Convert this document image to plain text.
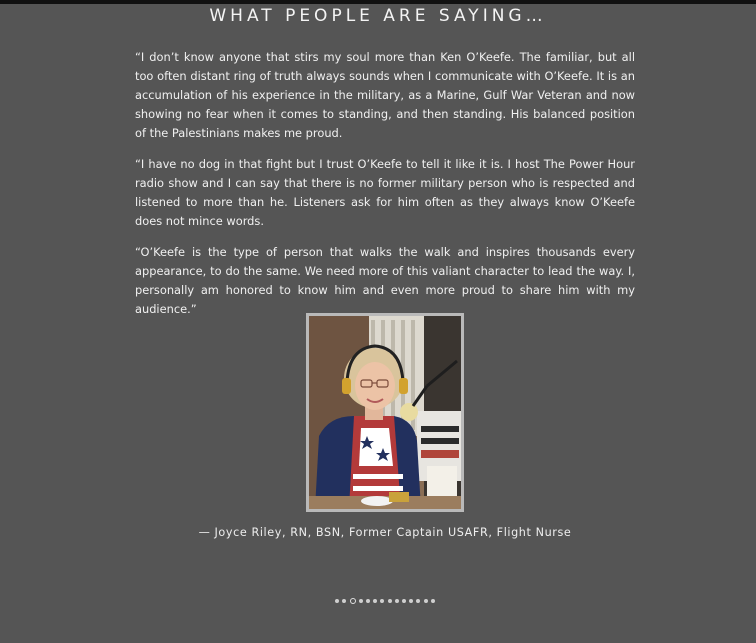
WHAT PEOPLE ARE SAYING…

“I don’t know anyone that stirs my soul more than Ken O’Keefe. The familiar, but all too often distant ring of truth always sounds when I communicate with O’Keefe. It is an accumulation of his experience in the military, as a Marine, Gulf War Veteran and now showing no fear when it comes to standing, and then standing. His balanced position of the Palestinians makes me proud.

“I have no dog in that fight but I trust O’Keefe to tell it like it is. I host The Power Hour radio show and I can say that there is no former military person who is respected and listened to more than he. Listeners ask for him often as they always know O’Keefe does not mince words.

“O’Keefe is the type of person that walks the walk and inspires thousands every appearance, to do the same. We need more of this valiant character to lead the way. I, personally am honored to know him and even more proud to share him with my audience.”

— Joyce Riley, RN, BSN, Former Captain USAFR, Flight Nurse
